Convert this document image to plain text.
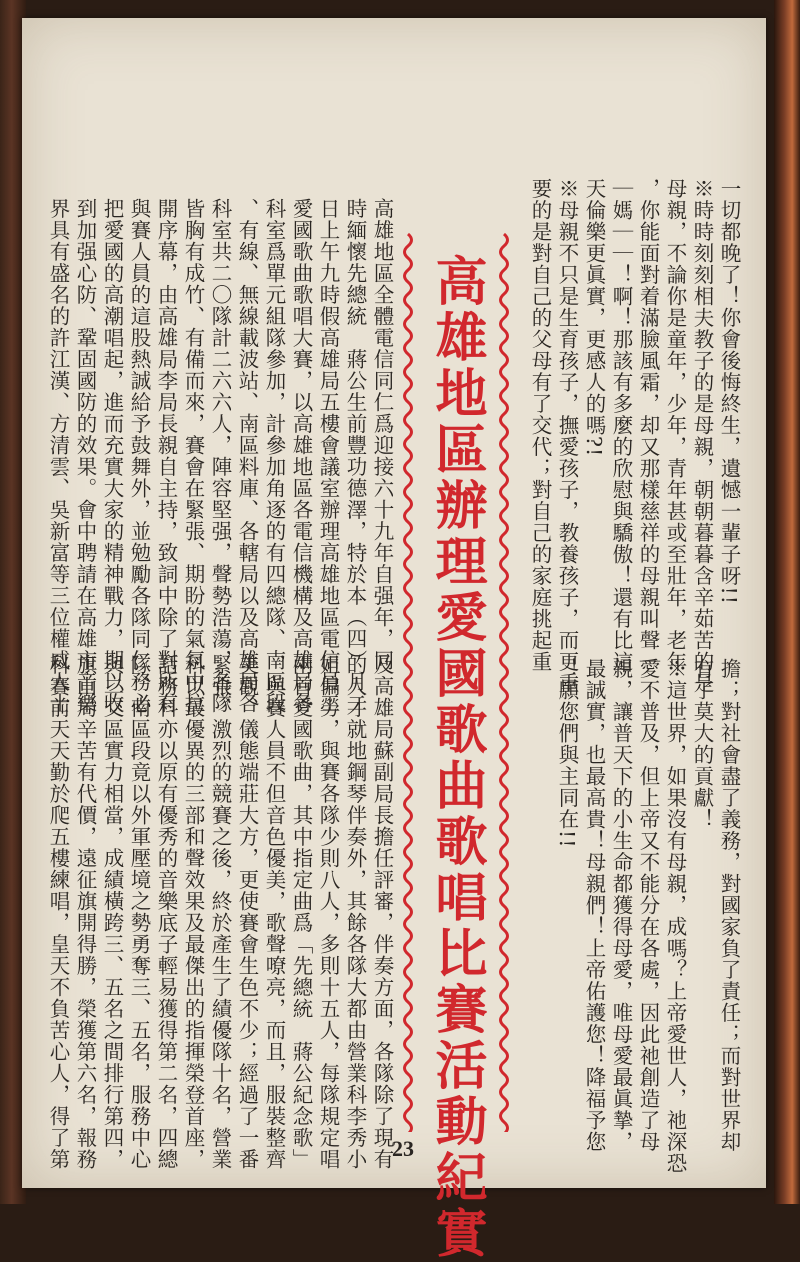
一切都晚了！你會後悔終生，遺憾一輩子呀!!
※時時刻刻相夫教子的是母親，朝朝暮暮含辛茹苦的是
母親，不論你是童年，少年，青年甚或至壯年，老年
，你能面對着滿臉風霜，却又那樣慈祥的母親叫聲｜
｜媽｜｜！啊！那該有多麼的欣慰與驕傲！還有比這
天倫樂更眞實，更感人的嗎?!
※母親不只是生育孩子，撫愛孩子，教養孩子，而更重
要的是對自己的父母有了交代；對自己的家庭挑起重
擔；對社會盡了義務，對國家負了責任；而對世界却
有了莫大的貢獻！
※這世界，如果沒有母親，成嗎？上帝愛世人，祂深恐
愛不普及，但上帝又不能分在各處，因此祂創造了母
親，讓普天下的小生命都獲得母愛，唯母愛最眞摯，
最誠實，也最高貴！母親們！上帝佑護您！降福予您
！願您們與主同在!!
高雄地區辦理愛國歌曲歌唱比賽活動紀實
高雄地區全體電信同仁爲迎接六十九年自强年，同
時緬懷先總統　蔣公生前豐功德澤，特於本（四）月二
日上午九時假高雄局五樓會議室辦理高雄地區電信員工
愛國歌曲歌唱大賽，以高雄地區各電信機構及高雄局各
科室爲單元組隊參加，計參加角逐的有四總隊、南區段
、有線、無線載波站、南區料庫、各轄局以及高雄局各
科室共二〇隊計二六六人，陣容堅强，聲勢浩蕩，各隊
皆胸有成竹、有備而來，賽會在緊張、期盼的氣氛中拉
開序幕，由高雄局李局長親自主持，致詞中除了對所有
與賽人員的這股熱誠給予鼓舞外，並勉勵各隊同仁務必
把愛國的高潮唱起，進而充實大家的精神戰力，期以收
到加强心防、鞏固國防的效果。會中聘請在高雄市音樂
界具有盛名的許江漢、方清雲、吳新富等三位權威人士
及高雄局蘇副局長擔任評審，伴奏方面，各隊除了現有
的人才就地鋼琴伴奏外，其餘各隊大都由營業科李秀小
姐偏勞，與賽各隊少則八人，多則十五人，每隊規定唱
兩首愛國歌曲，其中指定曲爲「先總統　蔣公紀念歌」
，與賽人員不但音色優美，歌聲嘹亮，而且，服裝整齊
美觀、儀態端莊大方，更使賽會生色不少；經過了一番
緊張、激烈的競賽之後，終於產生了績優隊十名，營業
科以最優異的三部和聲效果及最傑出的指揮榮登首座，
話務科亦以原有優秀的音樂底子輕易獲得第二名，四總
隊、南區段竟以外軍壓境之勢勇奪三、五名，服務中心
與二交區實力相當，成績橫跨三、五名之間排行第四，
旗山局辛苦有代價，遠征旗開得勝，榮獲第六名，報務
科賽前天天勤於爬五樓練唱，皇天不負苦心人，得了第	23
